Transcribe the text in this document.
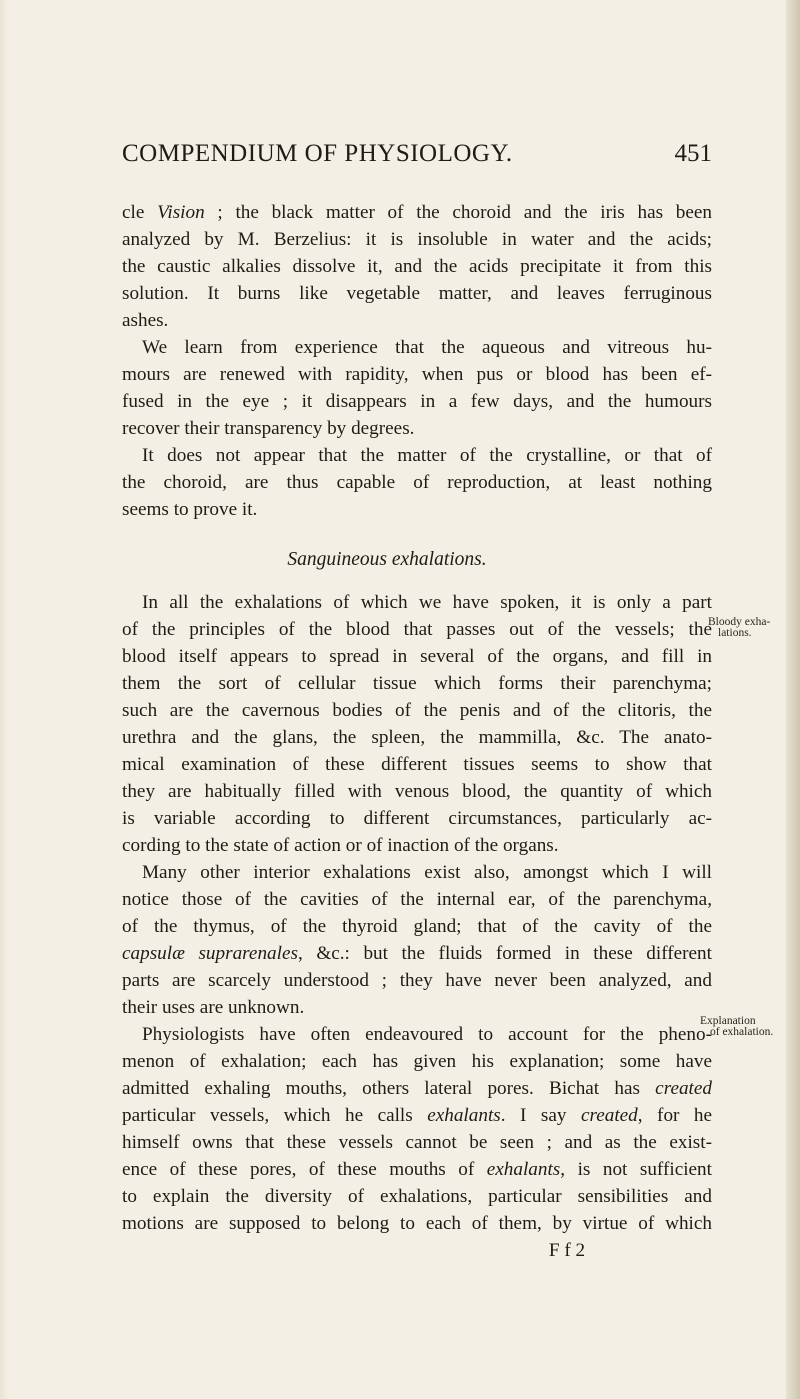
COMPENDIUM OF PHYSIOLOGY.	451
cle Vision ; the black matter of the choroid and the iris has been
analyzed by M. Berzelius: it is insoluble in water and the acids;
the caustic alkalies dissolve it, and the acids precipitate it from this
solution. It burns like vegetable matter, and leaves ferruginous
ashes.
We learn from experience that the aqueous and vitreous hu-
mours are renewed with rapidity, when pus or blood has been ef-
fused in the eye ; it disappears in a few days, and the humours
recover their transparency by degrees.
It does not appear that the matter of the crystalline, or that of
the choroid, are thus capable of reproduction, at least nothing
seems to prove it.
Sanguineous exhalations.
In all the exhalations of which we have spoken, it is only a part
of the principles of the blood that passes out of the vessels; the
blood itself appears to spread in several of the organs, and fill in
them the sort of cellular tissue which forms their parenchyma;
such are the cavernous bodies of the penis and of the clitoris, the
urethra and the glans, the spleen, the mammilla, &c. The anato-
mical examination of these different tissues seems to show that
they are habitually filled with venous blood, the quantity of which
is variable according to different circumstances, particularly ac-
cording to the state of action or of inaction of the organs.
Many other interior exhalations exist also, amongst which I will
notice those of the cavities of the internal ear, of the parenchyma,
of the thymus, of the thyroid gland; that of the cavity of the
capsulæ suprarenales, &c.: but the fluids formed in these different
parts are scarcely understood ; they have never been analyzed, and
their uses are unknown.
Physiologists have often endeavoured to account for the pheno-
menon of exhalation; each has given his explanation; some have
admitted exhaling mouths, others lateral pores. Bichat has created
particular vessels, which he calls exhalants. I say created, for he
himself owns that these vessels cannot be seen ; and as the exist-
ence of these pores, of these mouths of exhalants, is not sufficient
to explain the diversity of exhalations, particular sensibilities and
motions are supposed to belong to each of them, by virtue of which
F f 2
Bloody exha-
lations.
Explanation
of exhalation.
